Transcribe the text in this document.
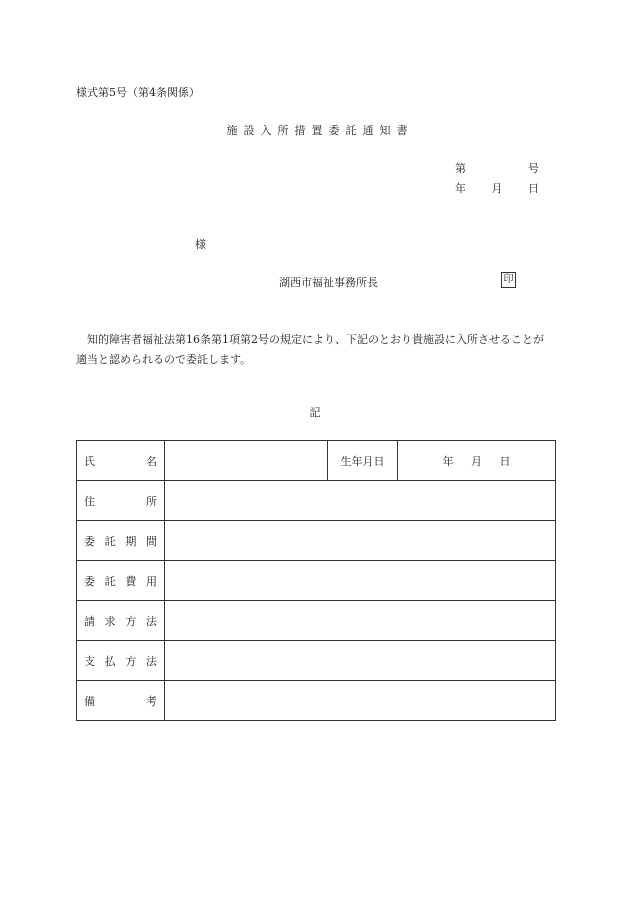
様式第5号（第4条関係）
施設入所措置委託通知書
第	号
年 月 日
様
湖西市福祉事務所長	印
知的障害者福祉法第16条第1項第2号の規定により、下記のとおり貴施設に入所させることが適当と認められるので委託します。
記
氏 名		生年月日	年 月 日

住 所			

委 託 期 間			

委 託 費 用			

請 求 方 法			

支 払 方 法			

備 考			
